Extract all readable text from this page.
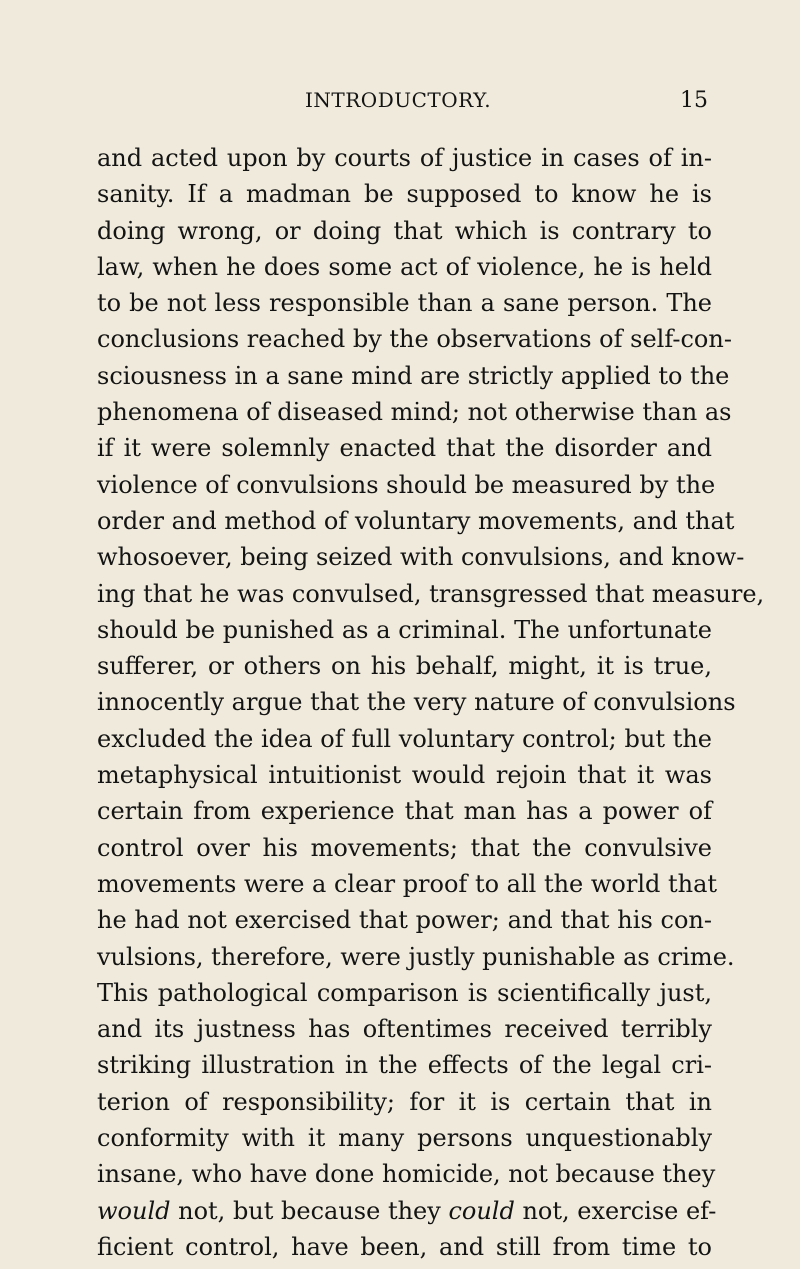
INTRODUCTORY.	15
and acted upon by courts of justice in cases of in-
sanity. If a madman be supposed to know he is
doing wrong, or doing that which is contrary to
law, when he does some act of violence, he is held
to be not less responsible than a sane person. The
conclusions reached by the observations of self-con-
sciousness in a sane mind are strictly applied to the
phenomena of diseased mind; not otherwise than as
if it were solemnly enacted that the disorder and
violence of convulsions should be measured by the
order and method of voluntary movements, and that
whosoever, being seized with convulsions, and know-
ing that he was convulsed, transgressed that measure,
should be punished as a criminal. The unfortunate
sufferer, or others on his behalf, might, it is true,
innocently argue that the very nature of convulsions
excluded the idea of full voluntary control; but the
metaphysical intuitionist would rejoin that it was
certain from experience that man has a power of
control over his movements; that the convulsive
movements were a clear proof to all the world that
he had not exercised that power; and that his con-
vulsions, therefore, were justly punishable as crime.
This pathological comparison is scientifically just,
and its justness has oftentimes received terribly
striking illustration in the effects of the legal cri-
terion of responsibility; for it is certain that in
conformity with it many persons unquestionably
insane, who have done homicide, not because they
would not, but because they could not, exercise ef-
ficient control, have been, and still from time to
